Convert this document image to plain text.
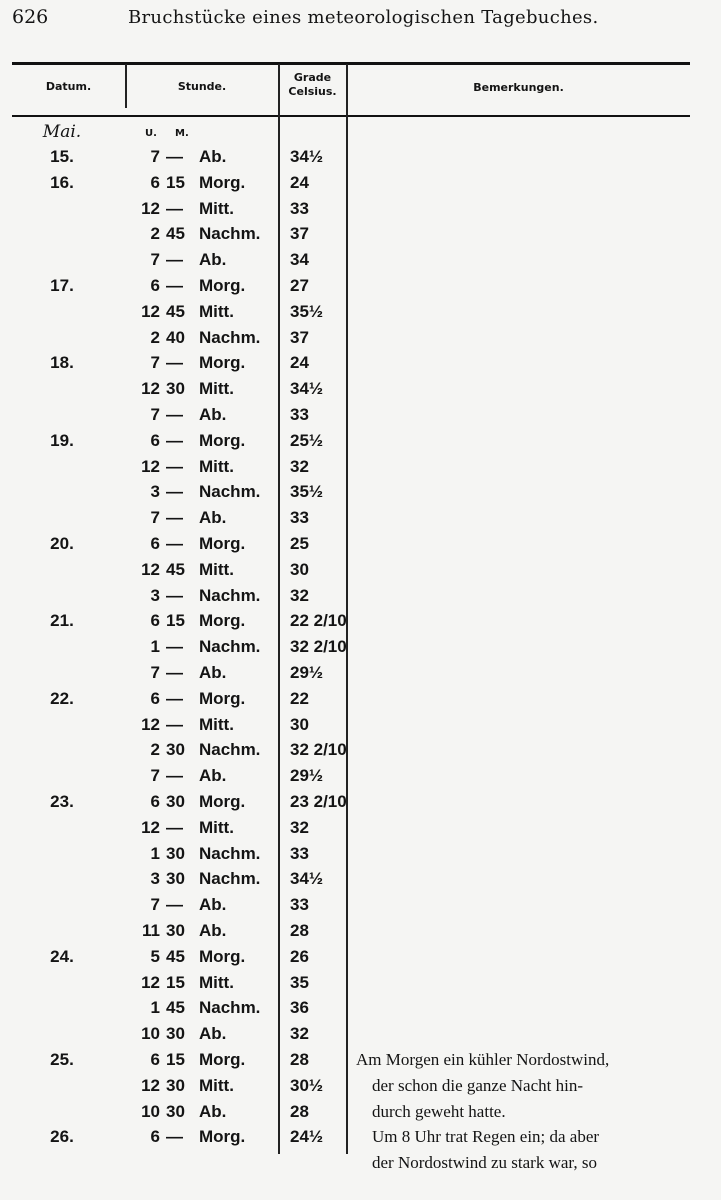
626	Bruchstücke eines meteorologischen Tagebuches.
Datum.	Stunde.
Grade
Celsius.	Bemerkungen.
Mai.	U. M.
15.	7 — Ab.	34½
16.	6 15 Morg.	24
12 — Mitt.	33
2 45 Nachm. 37
7 — Ab.	34
17.	6 — Morg.	27
12 45 Mitt.	35½
2 40 Nachm. 37
18.	7 — Morg.	24
12 30 Mitt.	34½
7 — Ab.	33
19.	6 — Morg.	25½
12 — Mitt.	32
3 — Nachm. 35½
7 — Ab.	33
20.	6 — Morg.	25
12 45 Mitt.	30
3 — Nachm. 32
21.	6 15 Morg.	22 2/10
1 — Nachm. 32 2/10
7 — Ab.	29½
22.	6 — Morg.	22
12 — Mitt.	30
2 30 Nachm. 32 2/10
7 — Ab.	29½
23.	6 30 Morg.	23 2/10
12 — Mitt.	32
1 30 Nachm. 33
3 30 Nachm. 34½
7 — Ab.	33
11 30 Ab.	28
24.	5 45 Morg.	26
12 15 Mitt.	35
1 45 Nachm. 36
10 30 Ab.	32
25.	6 15 Morg.	28	Am Morgen ein kühler Nordostwind,
12 30 Mitt.	30½	der schon die ganze Nacht hin-
10 30 Ab.	28	durch geweht hatte.
26.	6 — Morg.	24½	Um 8 Uhr trat Regen ein; da aber
der Nordostwind zu stark war, so
